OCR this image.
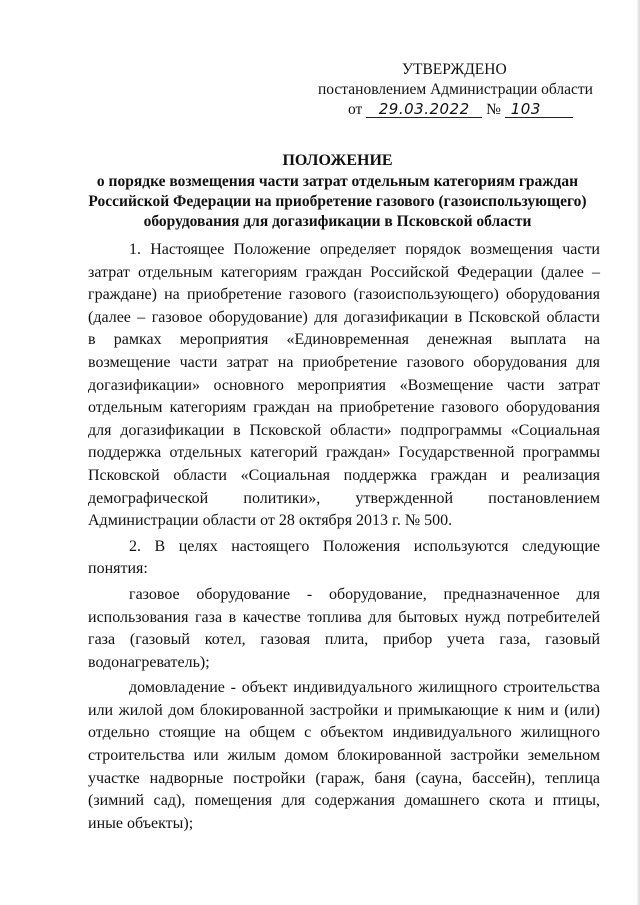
УТВЕРЖДЕНО
постановлением Администрации области
от 29.03.2022 № 103
ПОЛОЖЕНИЕ
о порядке возмещения части затрат отдельным категориям граждан
Российской Федерации на приобретение газового (газоиспользующего)
оборудования для догазификации в Псковской области
1. Настоящее Положение определяет порядок возмещения части
затрат отдельным категориям граждан Российской Федерации (далее –
граждане) на приобретение газового (газоиспользующего) оборудования
(далее – газовое оборудование) для догазификации в Псковской области
в рамках мероприятия «Единовременная денежная выплата на
возмещение части затрат на приобретение газового оборудования для
догазификации» основного мероприятия «Возмещение части затрат
отдельным категориям граждан на приобретение газового оборудования
для догазификации в Псковской области» подпрограммы «Социальная
поддержка отдельных категорий граждан» Государственной программы
Псковской области «Социальная поддержка граждан и реализация
демографической политики», утвержденной постановлением
Администрации области от 28 октября 2013 г. № 500.
2. В целях настоящего Положения используются следующие
понятия:
газовое оборудование - оборудование, предназначенное для
использования газа в качестве топлива для бытовых нужд потребителей
газа (газовый котел, газовая плита, прибор учета газа, газовый
водонагреватель);
домовладение - объект индивидуального жилищного строительства
или жилой дом блокированной застройки и примыкающие к ним и (или)
отдельно стоящие на общем с объектом индивидуального жилищного
строительства или жилым домом блокированной застройки земельном
участке надворные постройки (гараж, баня (сауна, бассейн), теплица
(зимний сад), помещения для содержания домашнего скота и птицы,
иные объекты);
